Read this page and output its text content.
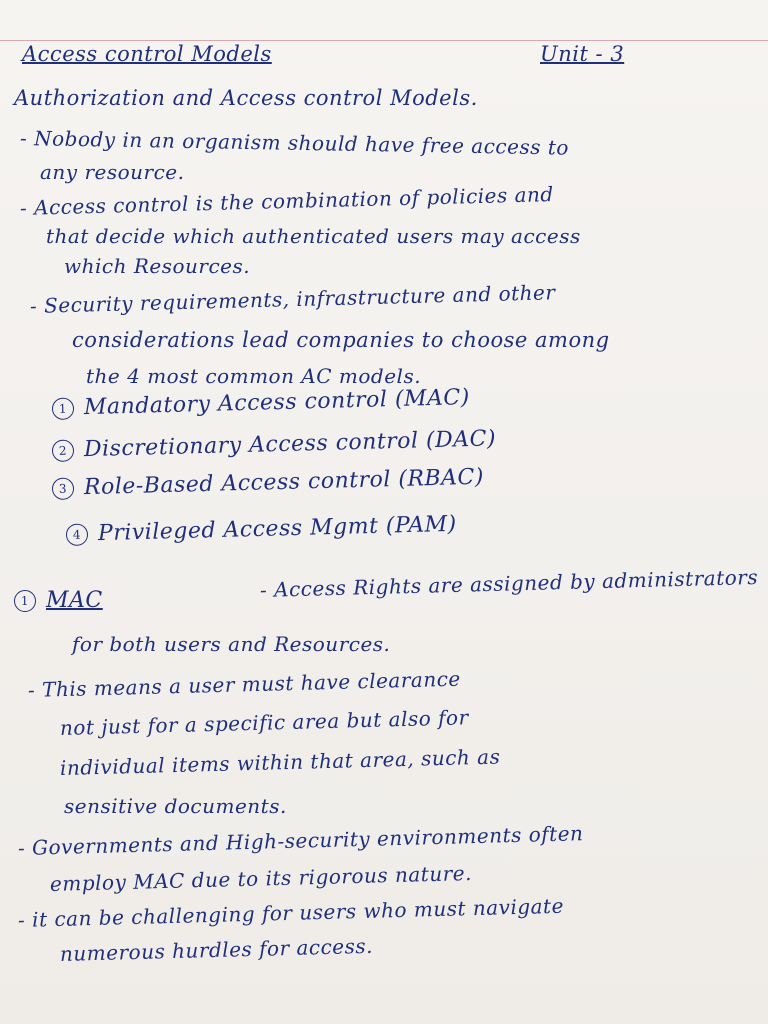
Access control Models	Unit - 3
Authorization and Access control Models.
- Nobody in an organism should have free access to
any resource.
- Access control is the combination of policies and
that decide which authenticated users may access
which Resources.
- Security requirements, infrastructure and other
considerations lead companies to choose among
the 4 most common AC models.
1 Mandatory Access control (MAC)
2 Discretionary Access control (DAC)
3 Role-Based Access control (RBAC)
4 Privileged Access Mgmt (PAM)
1 MAC	- Access Rights are assigned by administrators
for both users and Resources.
- This means a user must have clearance
not just for a specific area but also for
individual items within that area, such as
sensitive documents.
- Governments and High-security environments often
employ MAC due to its rigorous nature.
- it can be challenging for users who must navigate
numerous hurdles for access.
